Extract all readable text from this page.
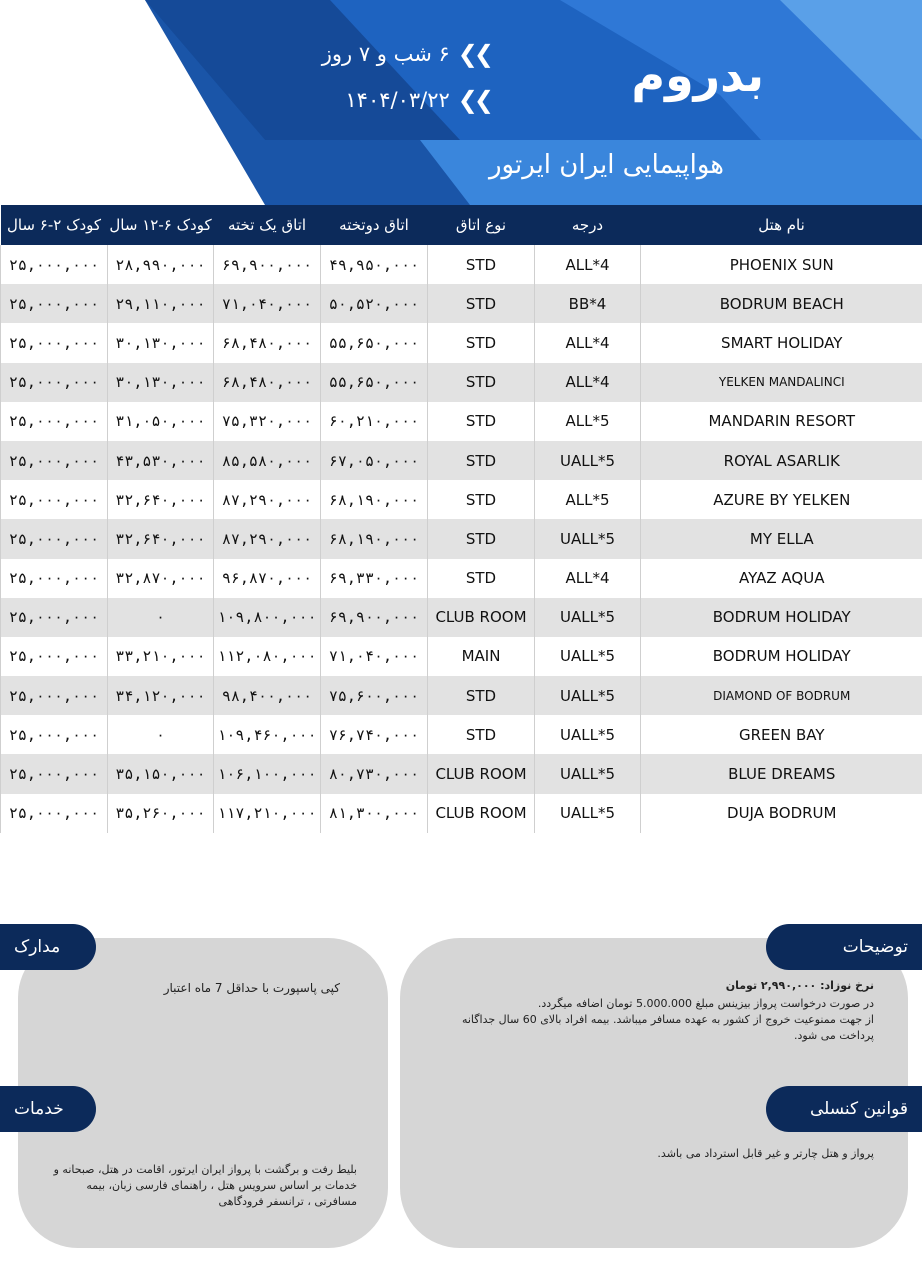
بدروم
❯❯
۶ شب و ۷ روز
❯❯
۱۴۰۴/۰۳/۲۲
هواپیمایی ایران ایرتور
نام هتل	درجه	نوع اتاق	اتاق دوتخته	اتاق یک تخته	کودک ۶-۱۲ سال	کودک ۲-۶ سال
PHOENIX SUN	4*ALL	STD	۴۹,۹۵۰,۰۰۰	۶۹,۹۰۰,۰۰۰	۲۸,۹۹۰,۰۰۰	۲۵,۰۰۰,۰۰۰
BODRUM BEACH	4*BB	STD	۵۰,۵۲۰,۰۰۰	۷۱,۰۴۰,۰۰۰	۲۹,۱۱۰,۰۰۰	۲۵,۰۰۰,۰۰۰
SMART HOLIDAY	4*ALL	STD	۵۵,۶۵۰,۰۰۰	۶۸,۴۸۰,۰۰۰	۳۰,۱۳۰,۰۰۰	۲۵,۰۰۰,۰۰۰
YELKEN MANDALINCI	4*ALL	STD	۵۵,۶۵۰,۰۰۰	۶۸,۴۸۰,۰۰۰	۳۰,۱۳۰,۰۰۰	۲۵,۰۰۰,۰۰۰
MANDARIN RESORT	5*ALL	STD	۶۰,۲۱۰,۰۰۰	۷۵,۳۲۰,۰۰۰	۳۱,۰۵۰,۰۰۰	۲۵,۰۰۰,۰۰۰
ROYAL ASARLIK	5*UALL	STD	۶۷,۰۵۰,۰۰۰	۸۵,۵۸۰,۰۰۰	۴۳,۵۳۰,۰۰۰	۲۵,۰۰۰,۰۰۰
AZURE BY YELKEN	5*ALL	STD	۶۸,۱۹۰,۰۰۰	۸۷,۲۹۰,۰۰۰	۳۲,۶۴۰,۰۰۰	۲۵,۰۰۰,۰۰۰
MY ELLA	5*UALL	STD	۶۸,۱۹۰,۰۰۰	۸۷,۲۹۰,۰۰۰	۳۲,۶۴۰,۰۰۰	۲۵,۰۰۰,۰۰۰
AYAZ AQUA	4*ALL	STD	۶۹,۳۳۰,۰۰۰	۹۶,۸۷۰,۰۰۰	۳۲,۸۷۰,۰۰۰	۲۵,۰۰۰,۰۰۰
BODRUM HOLIDAY	5*UALL	CLUB ROOM	۶۹,۹۰۰,۰۰۰	۱۰۹,۸۰۰,۰۰۰	۰	۲۵,۰۰۰,۰۰۰
BODRUM HOLIDAY	5*UALL	MAIN	۷۱,۰۴۰,۰۰۰	۱۱۲,۰۸۰,۰۰۰	۳۳,۲۱۰,۰۰۰	۲۵,۰۰۰,۰۰۰
DIAMOND OF BODRUM	5*UALL	STD	۷۵,۶۰۰,۰۰۰	۹۸,۴۰۰,۰۰۰	۳۴,۱۲۰,۰۰۰	۲۵,۰۰۰,۰۰۰
GREEN BAY	5*UALL	STD	۷۶,۷۴۰,۰۰۰	۱۰۹,۴۶۰,۰۰۰	۰	۲۵,۰۰۰,۰۰۰
BLUE DREAMS	5*UALL	CLUB ROOM	۸۰,۷۳۰,۰۰۰	۱۰۶,۱۰۰,۰۰۰	۳۵,۱۵۰,۰۰۰	۲۵,۰۰۰,۰۰۰
DUJA BODRUM	5*UALL	CLUB ROOM	۸۱,۳۰۰,۰۰۰	۱۱۷,۲۱۰,۰۰۰	۳۵,۲۶۰,۰۰۰	۲۵,۰۰۰,۰۰۰
توضیحات
نرخ نوزاد: ۲,۹۹۰,۰۰۰ تومان
در صورت درخواست پرواز بیزینس مبلغ 5.000.000 تومان اضافه میگردد.
از جهت ممنوعیت خروج از کشور به عهده مسافر میباشد. بیمه افراد بالای 60 سال جداگانه پرداخت می شود.
قوانین کنسلی
پرواز و هتل چارتر و غیر قابل استرداد می باشد.
مدارک
کپی پاسپورت با حداقل 7 ماه اعتبار
خدمات
بلیط رفت و برگشت با پرواز ایران ایرتور، اقامت در هتل، صبحانه و خدمات بر اساس سرویس هتل ، راهنمای فارسی زبان، بیمه مسافرتی ، ترانسفر فرودگاهی
